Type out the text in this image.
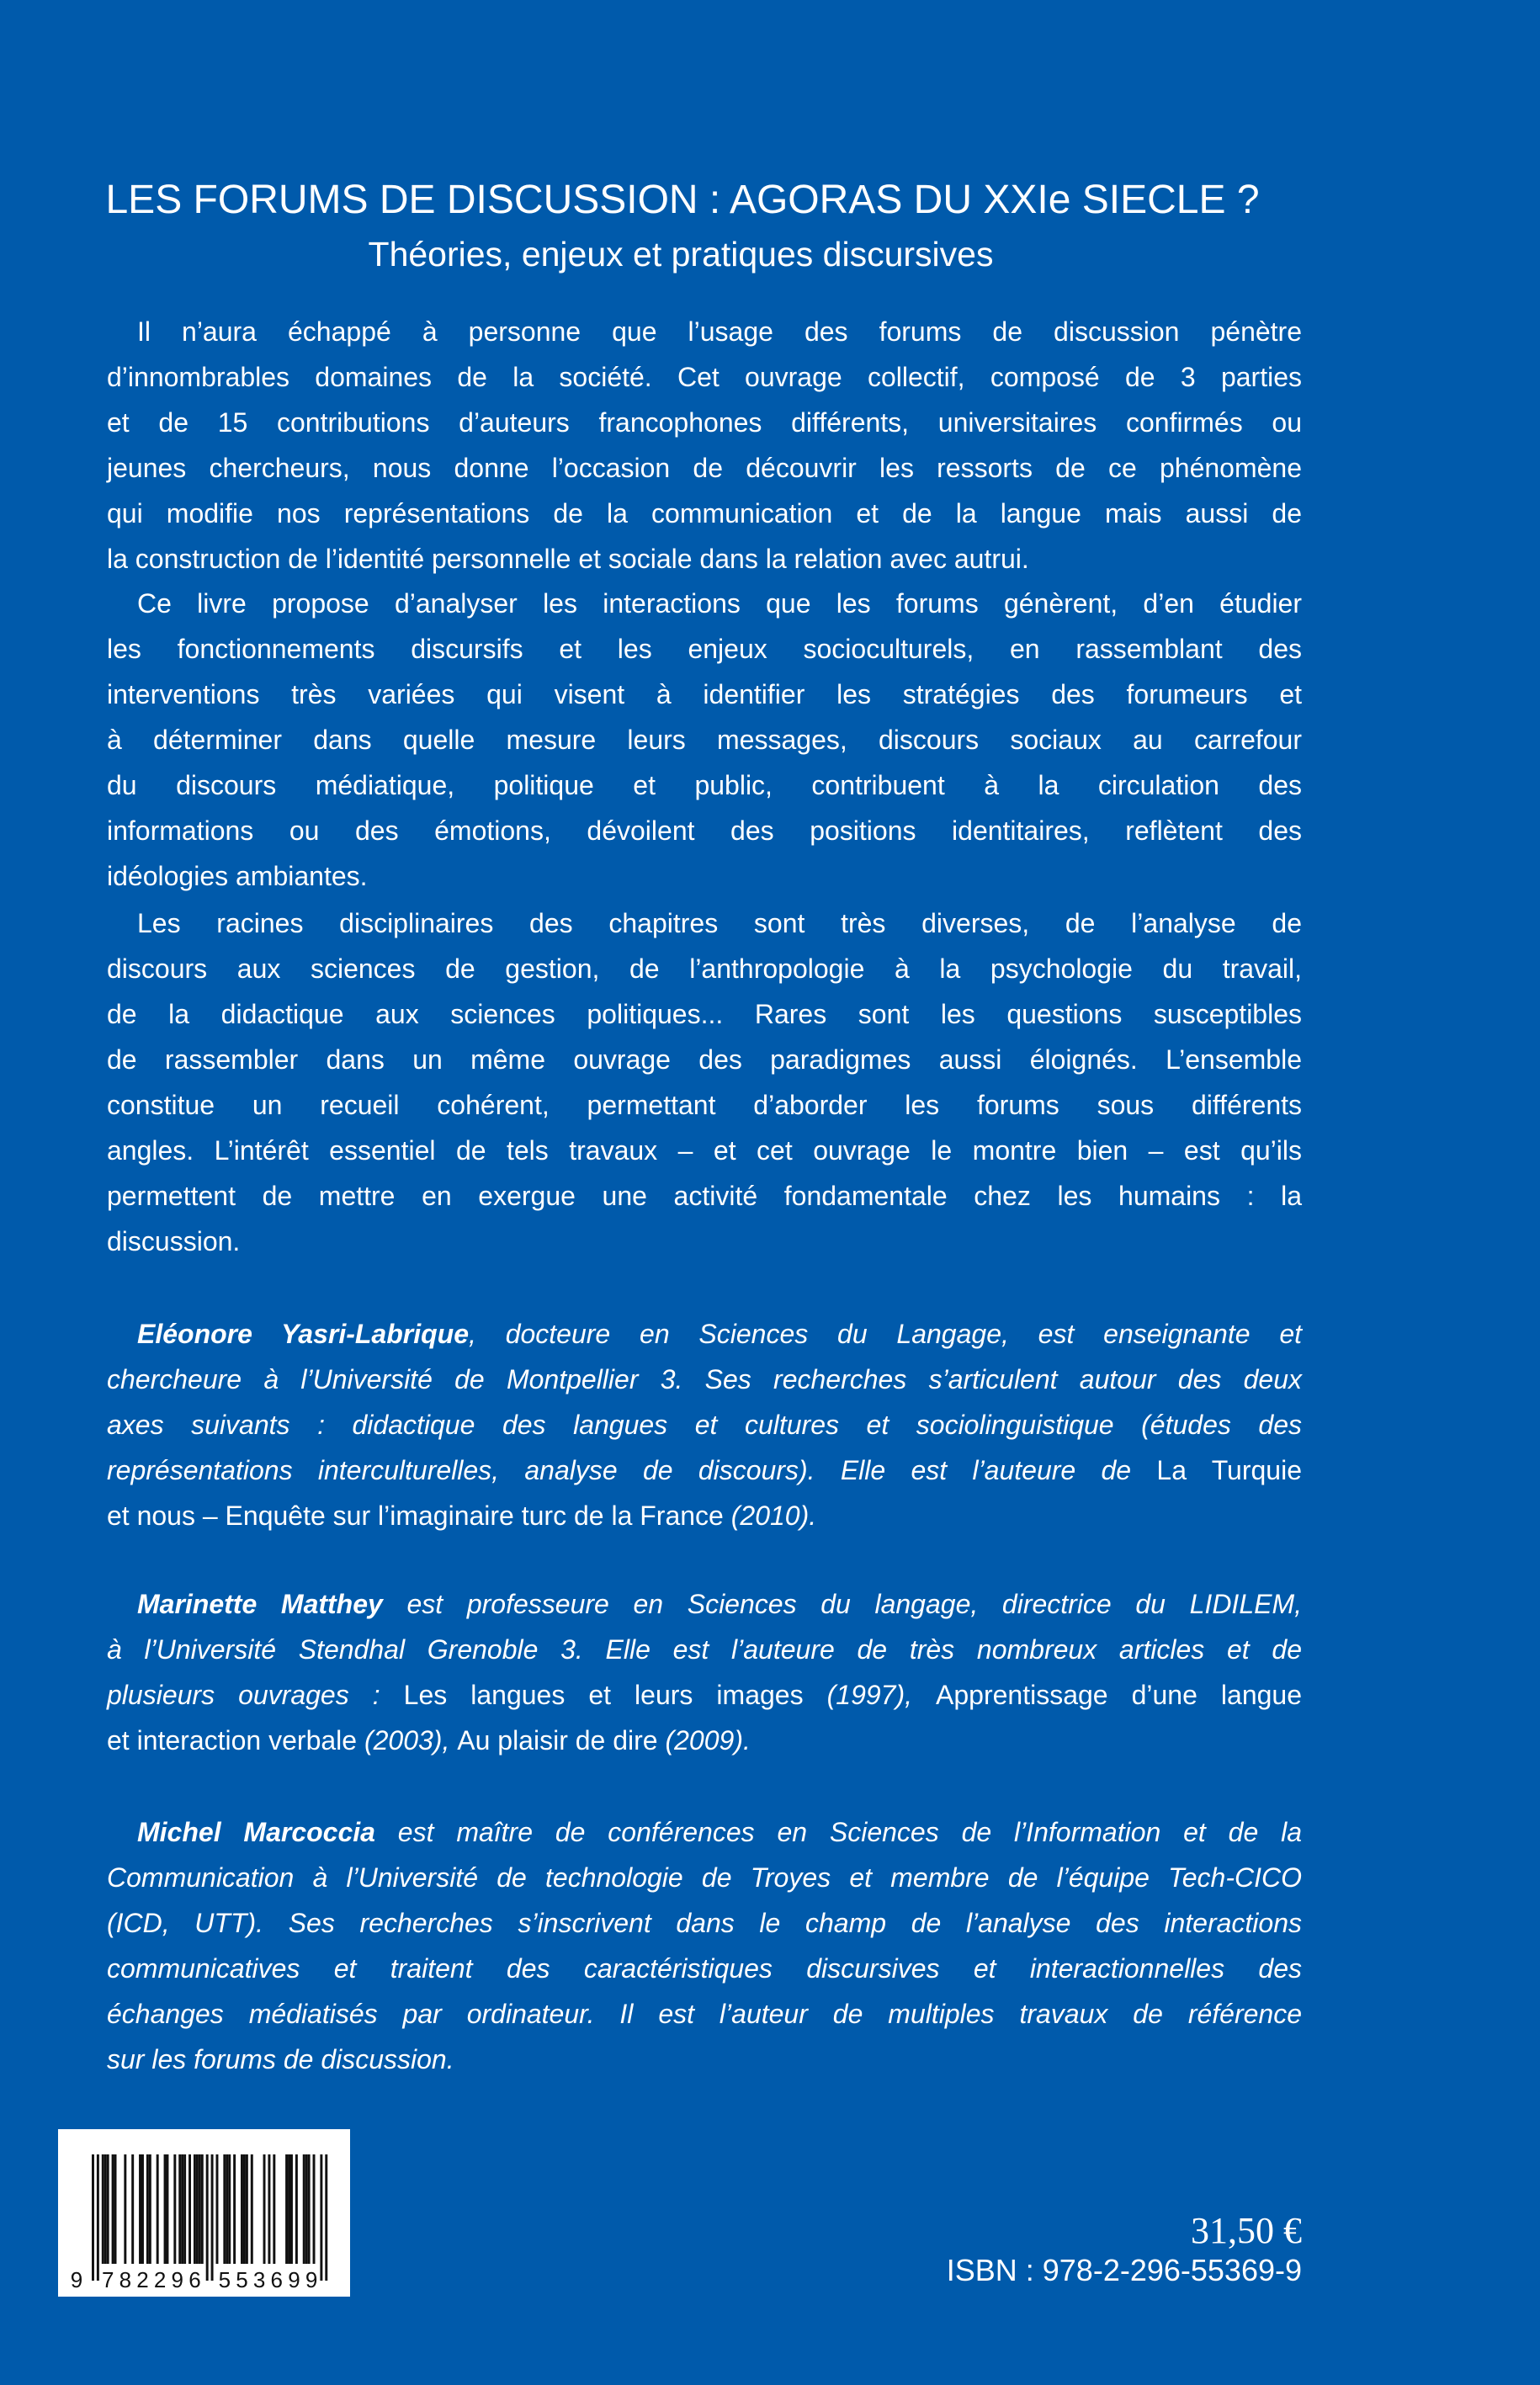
LES FORUMS DE DISCUSSION : AGORAS DU XXIe SIECLE ?
Théories, enjeux et pratiques discursives
Il n’aura échappé à personne que l’usage des forums de discussion pénètre
d’innombrables domaines de la société. Cet ouvrage collectif, composé de 3 parties
et de 15 contributions d’auteurs francophones différents, universitaires confirmés ou
jeunes chercheurs, nous donne l’occasion de découvrir les ressorts de ce phénomène
qui modifie nos représentations de la communication et de la langue mais aussi de
la construction de l’identité personnelle et sociale dans la relation avec autrui.
Ce livre propose d’analyser les interactions que les forums génèrent, d’en étudier
les fonctionnements discursifs et les enjeux socioculturels, en rassemblant des
interventions très variées qui visent à identifier les stratégies des forumeurs et
à déterminer dans quelle mesure leurs messages, discours sociaux au carrefour
du discours médiatique, politique et public, contribuent à la circulation des
informations ou des émotions, dévoilent des positions identitaires, reflètent des
idéologies ambiantes.
Les racines disciplinaires des chapitres sont très diverses, de l’analyse de
discours aux sciences de gestion, de l’anthropologie à la psychologie du travail,
de la didactique aux sciences politiques... Rares sont les questions susceptibles
de rassembler dans un même ouvrage des paradigmes aussi éloignés. L’ensemble
constitue un recueil cohérent, permettant d’aborder les forums sous différents
angles. L’intérêt essentiel de tels travaux – et cet ouvrage le montre bien – est qu’ils
permettent de mettre en exergue une activité fondamentale chez les humains : la
discussion.
Eléonore Yasri-Labrique, docteure en Sciences du Langage, est enseignante et
chercheure à l’Université de Montpellier 3. Ses recherches s’articulent autour des deux
axes suivants : didactique des langues et cultures et sociolinguistique (études des
représentations interculturelles, analyse de discours). Elle est l’auteure de La Turquie
et nous – Enquête sur l’imaginaire turc de la France (2010).
Marinette Matthey est professeure en Sciences du langage, directrice du LIDILEM,
à l’Université Stendhal Grenoble 3. Elle est l’auteure de très nombreux articles et de
plusieurs ouvrages : Les langues et leurs images (1997), Apprentissage d’une langue
et interaction verbale (2003), Au plaisir de dire (2009).
Michel Marcoccia est maître de conférences en Sciences de l’Information et de la
Communication à l’Université de technologie de Troyes et membre de l’équipe Tech-CICO
(ICD, UTT). Ses recherches s’inscrivent dans le champ de l’analyse des interactions
communicatives et traitent des caractéristiques discursives et interactionnelles des
échanges médiatisés par ordinateur. Il est l’auteur de multiples travaux de référence
sur les forums de discussion.
9 7 8 2 2 9 6 5 5 3 6 9 9
31,50 €
ISBN : 978-2-296-55369-9
